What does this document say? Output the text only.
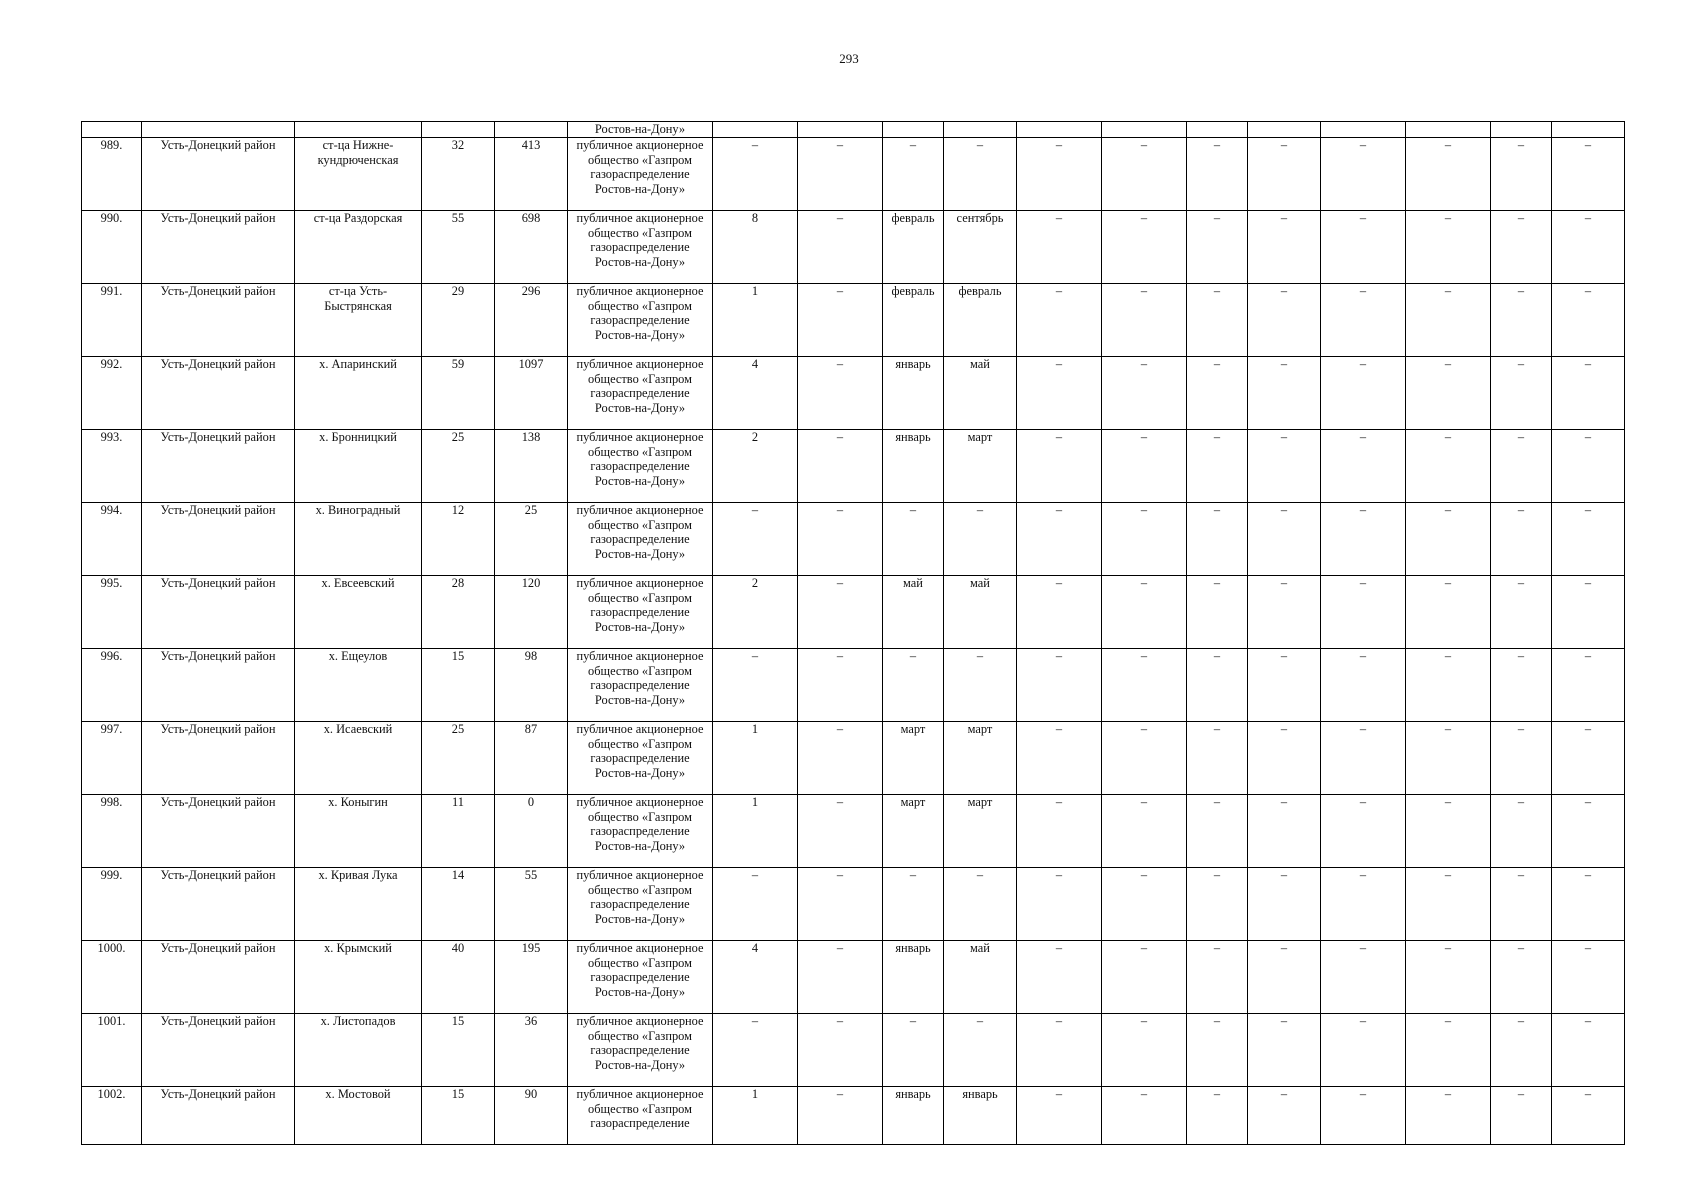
293
					Ростов-на-Дону»												
989.	Усть-Донецкий район	ст-ца Нижне-кундрюченская	32	413	публичное акционерное общество «Газпром газораспределение Ростов-на-Дону»	–	–	–	–	–	–	–	–	–	–	–	–
990.	Усть-Донецкий район	ст-ца Раздорская	55	698	публичное акционерное общество «Газпром газораспределение Ростов-на-Дону»	8	–	февраль	сентябрь	–	–	–	–	–	–	–	–
991.	Усть-Донецкий район	ст-ца Усть-Быстрянская	29	296	публичное акционерное общество «Газпром газораспределение Ростов-на-Дону»	1	–	февраль	февраль	–	–	–	–	–	–	–	–
992.	Усть-Донецкий район	х. Апаринский	59	1097	публичное акционерное общество «Газпром газораспределение Ростов-на-Дону»	4	–	январь	май	–	–	–	–	–	–	–	–
993.	Усть-Донецкий район	х. Бронницкий	25	138	публичное акционерное общество «Газпром газораспределение Ростов-на-Дону»	2	–	январь	март	–	–	–	–	–	–	–	–
994.	Усть-Донецкий район	х. Виноградный	12	25	публичное акционерное общество «Газпром газораспределение Ростов-на-Дону»	–	–	–	–	–	–	–	–	–	–	–	–
995.	Усть-Донецкий район	х. Евсеевский	28	120	публичное акционерное общество «Газпром газораспределение Ростов-на-Дону»	2	–	май	май	–	–	–	–	–	–	–	–
996.	Усть-Донецкий район	х. Ещеулов	15	98	публичное акционерное общество «Газпром газораспределение Ростов-на-Дону»	–	–	–	–	–	–	–	–	–	–	–	–
997.	Усть-Донецкий район	х. Исаевский	25	87	публичное акционерное общество «Газпром газораспределение Ростов-на-Дону»	1	–	март	март	–	–	–	–	–	–	–	–
998.	Усть-Донецкий район	х. Коныгин	11	0	публичное акционерное общество «Газпром газораспределение Ростов-на-Дону»	1	–	март	март	–	–	–	–	–	–	–	–
999.	Усть-Донецкий район	х. Кривая Лука	14	55	публичное акционерное общество «Газпром газораспределение Ростов-на-Дону»	–	–	–	–	–	–	–	–	–	–	–	–
1000.	Усть-Донецкий район	х. Крымский	40	195	публичное акционерное общество «Газпром газораспределение Ростов-на-Дону»	4	–	январь	май	–	–	–	–	–	–	–	–
1001.	Усть-Донецкий район	х. Листопадов	15	36	публичное акционерное общество «Газпром газораспределение Ростов-на-Дону»	–	–	–	–	–	–	–	–	–	–	–	–
1002.	Усть-Донецкий район	х. Мостовой	15	90	публичное акционерное общество «Газпром газораспределение	1	–	январь	январь	–	–	–	–	–	–	–	–
